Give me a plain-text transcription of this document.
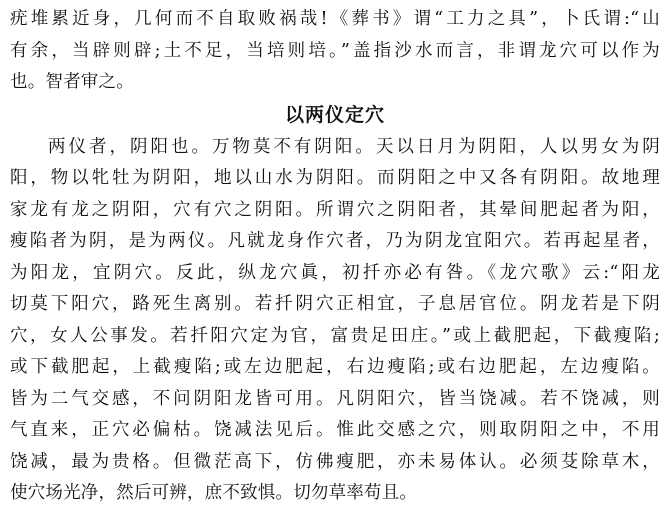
疣堆累近身，几何而不自取败祸哉!《葬书》谓“工力之具”，卜氏谓:“山
有余，当辟则辟;土不足，当培则培。”盖指沙水而言，非谓龙穴可以作为
也。智者审之。
以两仪定穴
两仪者，阴阳也。万物莫不有阴阳。天以日月为阴阳，人以男女为阴
阳，物以牝牡为阴阳，地以山水为阴阳。而阴阳之中又各有阴阳。故地理
家龙有龙之阴阳，穴有穴之阴阳。所谓穴之阴阳者，其晕间肥起者为阳，
瘦陷者为阴，是为两仪。凡就龙身作穴者，乃为阴龙宜阳穴。若再起星者，
为阳龙，宜阴穴。反此，纵龙穴眞，初扦亦必有咎。《龙穴歌》云:“阳龙
切莫下阳穴，路死生离别。若扦阴穴正相宜，子息居官位。阴龙若是下阴
穴，女人公事发。若扦阳穴定为官，富贵足田庄。”或上截肥起，下截瘦陷;
或下截肥起，上截瘦陷;或左边肥起，右边瘦陷;或右边肥起，左边瘦陷。
皆为二气交感，不问阴阳龙皆可用。凡阴阳穴，皆当饶减。若不饶减，则
气直来，正穴必偏枯。饶减法见后。惟此交感之穴，则取阴阳之中，不用
饶减，最为贵格。但微茫高下，仿佛瘦肥，亦未易体认。必须芟除草木，
使穴场光净，然后可辨，庶不致惧。切勿草率苟且。
